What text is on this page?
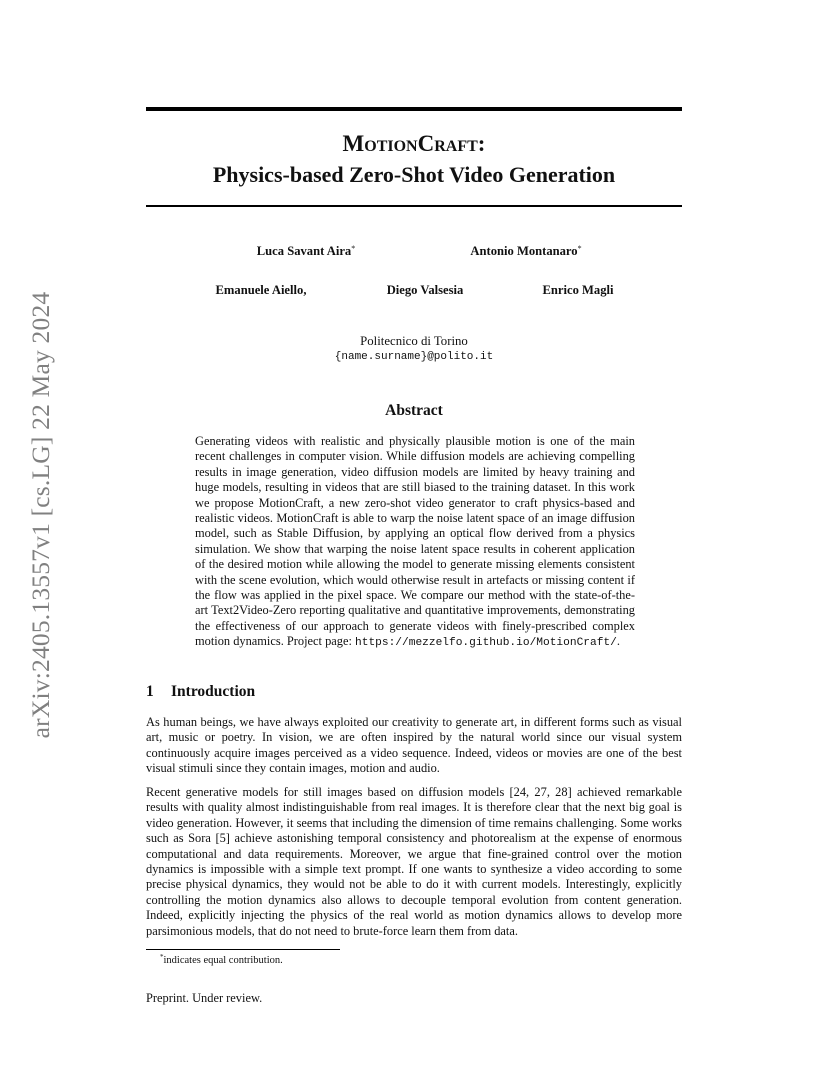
arXiv:2405.13557v1 [cs.LG] 22 May 2024
MotionCraft:
Physics-based Zero-Shot Video Generation
Luca Savant Aira*	Antonio Montanaro*
Emanuele Aiello,	Diego Valsesia	Enrico Magli
Politecnico di Torino
{name.surname}@polito.it
Abstract
Generating videos with realistic and physically plausible motion is one of the main recent challenges in computer vision. While diffusion models are achieving compelling results in image generation, video diffusion models are limited by heavy training and huge models, resulting in videos that are still biased to the training dataset. In this work we propose MotionCraft, a new zero-shot video generator to craft physics-based and realistic videos. MotionCraft is able to warp the noise latent space of an image diffusion model, such as Stable Diffusion, by applying an optical flow derived from a physics simulation. We show that warping the noise latent space results in coherent application of the desired motion while allowing the model to generate missing elements consistent with the scene evolution, which would otherwise result in artefacts or missing content if the flow was applied in the pixel space. We compare our method with the state-of-the-art Text2Video-Zero reporting qualitative and quantitative improvements, demonstrating the effectiveness of our approach to generate videos with finely-prescribed complex motion dynamics. Project page: https://mezzelfo.github.io/MotionCraft/.
1 Introduction
As human beings, we have always exploited our creativity to generate art, in different forms such as visual art, music or poetry. In vision, we are often inspired by the natural world since our visual system continuously acquire images perceived as a video sequence. Indeed, videos or movies are one of the best visual stimuli since they contain images, motion and audio.
Recent generative models for still images based on diffusion models [24, 27, 28] achieved remarkable results with quality almost indistinguishable from real images. It is therefore clear that the next big goal is video generation. However, it seems that including the dimension of time remains challenging. Some works such as Sora [5] achieve astonishing temporal consistency and photorealism at the expense of enormous computational and data requirements. Moreover, we argue that fine-grained control over the motion dynamics is impossible with a simple text prompt. If one wants to synthesize a video according to some precise physical dynamics, they would not be able to do it with current models. Interestingly, explicitly controlling the motion dynamics also allows to decouple temporal evolution from content generation. Indeed, explicitly injecting the physics of the real world as motion dynamics allows to develop more parsimonious models, that do not need to brute-force learn them from data.
*indicates equal contribution.
Preprint. Under review.
